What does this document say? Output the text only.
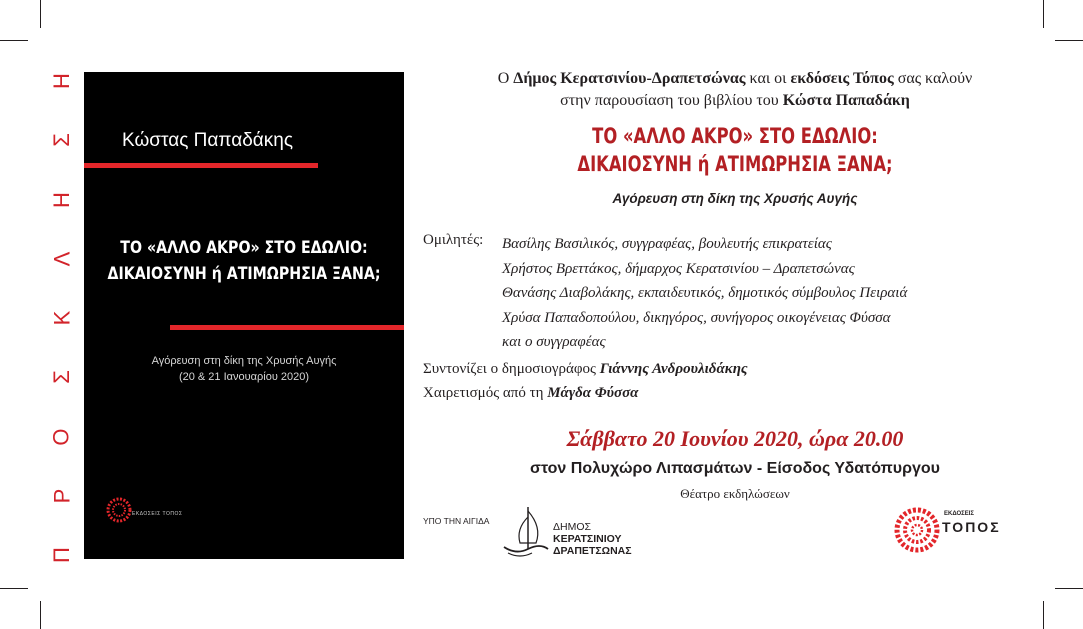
Η
Σ
Η
Λ
Κ
Σ
Ο
Ρ
Π
Κώστας Παπαδάκης
ΤΟ «ΑΛΛΟ ΑΚΡΟ» ΣΤΟ ΕΔΩΛΙΟ:
ΔΙΚΑΙΟΣΥΝΗ ή ΑΤΙΜΩΡΗΣΙΑ ΞΑΝΑ;
Αγόρευση στη δίκη της Χρυσής Αυγής
(20 & 21 Ιανουαρίου 2020)
ΕΚΔΟΣΕΙΣ ΤΟΠΟΣ
Ο Δήμος Κερατσινίου-Δραπετσώνας και οι εκδόσεις Τόπος σας καλούν
στην παρουσίαση του βιβλίου του Κώστα Παπαδάκη
ΤΟ «ΑΛΛΟ ΑΚΡΟ» ΣΤΟ ΕΔΩΛΙΟ:
ΔΙΚΑΙΟΣΥΝΗ ή ΑΤΙΜΩΡΗΣΙΑ ΞΑΝΑ;
Αγόρευση στη δίκη της Χρυσής Αυγής
Ομιλητές: Βασίλης Βασιλικός, συγγραφέας, βουλευτής επικρατείας
Χρήστος Βρεττάκος, δήμαρχος Κερατσινίου – Δραπετσώνας
Θανάσης Διαβολάκης, εκπαιδευτικός, δημοτικός σύμβουλος Πειραιά
Χρύσα Παπαδοπούλου, δικηγόρος, συνήγορος οικογένειας Φύσσα
και ο συγγραφέας
Συντονίζει ο δημοσιογράφος Γιάννης Ανδρουλιδάκης
Χαιρετισμός από τη Μάγδα Φύσσα
Σάββατο 20 Ιουνίου 2020, ώρα 20.00
στον Πολυχώρο Λιπασμάτων - Είσοδος Υδατόπυργου
Θέατρο εκδηλώσεων
ΥΠΟ ΤΗΝ ΑΙΓΙΔΑ	ΔΗΜΟΣ
ΚΕΡΑΤΣΙΝΙΟΥ
ΔΡΑΠΕΤΣΩΝΑΣ
ΕΚΔΟΣΕΙΣ
ΤΟΠΟΣ
